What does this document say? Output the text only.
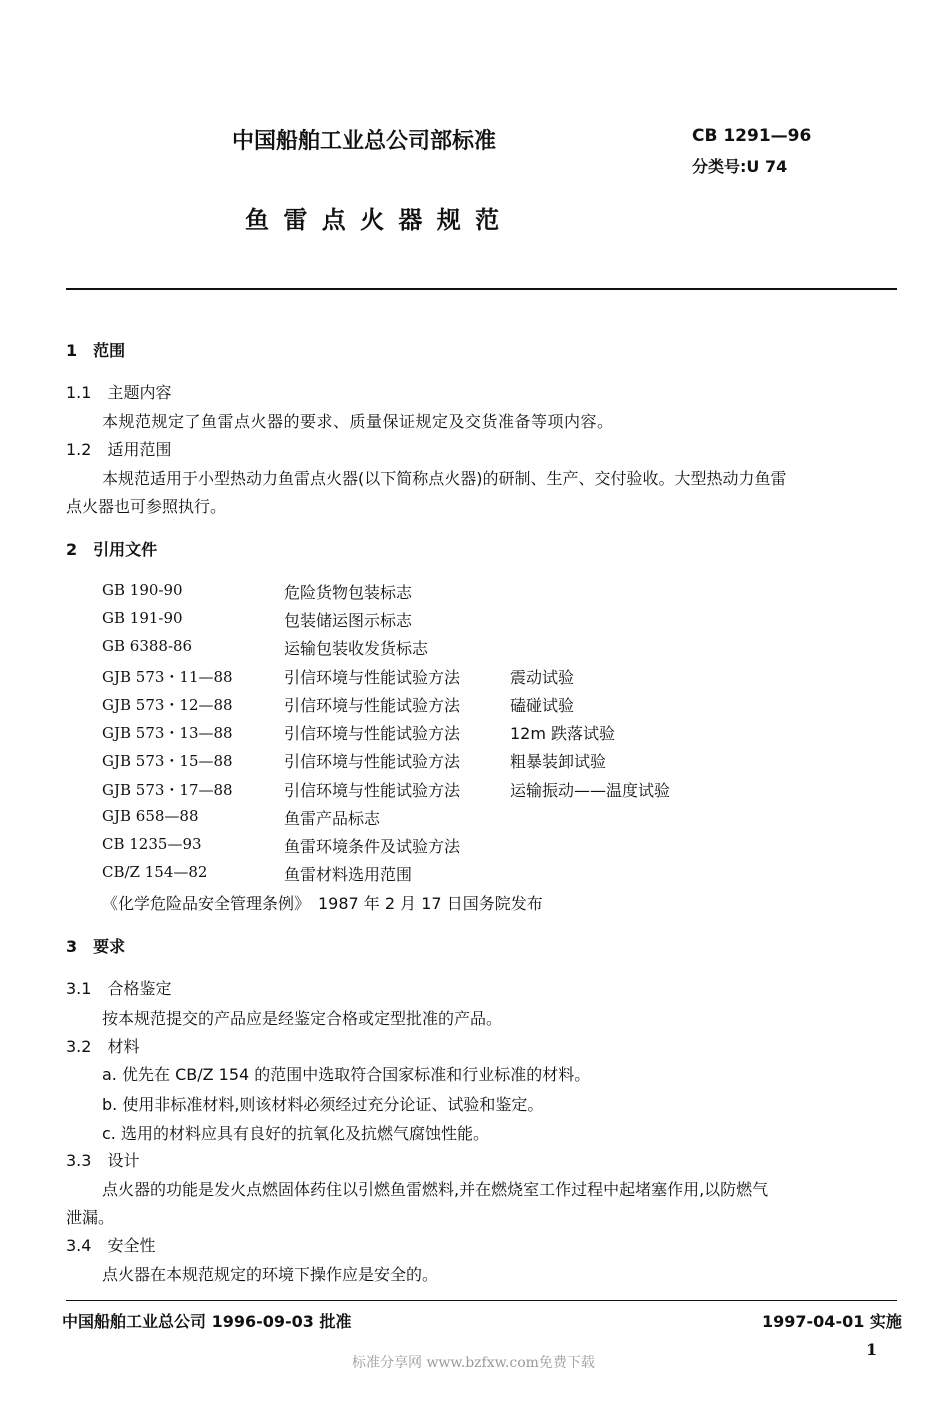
中国船舶工业总公司部标准	CB 1291—96
分类号:U 74
鱼 雷 点 火 器 规 范
1　范围
1.1　主题内容
本规范规定了鱼雷点火器的要求、质量保证规定及交货准备等项内容。
1.2　适用范围
本规范适用于小型热动力鱼雷点火器(以下简称点火器)的研制、生产、交付验收。大型热动力鱼雷
点火器也可参照执行。
2　引用文件
GB 190-90	危险货物包装标志
GB 191-90	包装储运图示标志
GB 6388-86	运输包装收发货标志
GJB 573・11—88	引信环境与性能试验方法	震动试验
GJB 573・12—88	引信环境与性能试验方法	磕碰试验
GJB 573・13—88	引信环境与性能试验方法	12m 跌落试验
GJB 573・15—88	引信环境与性能试验方法	粗暴装卸试验
GJB 573・17—88	引信环境与性能试验方法	运输振动——温度试验
GJB 658—88	鱼雷产品标志
CB 1235—93	鱼雷环境条件及试验方法
CB/Z 154—82	鱼雷材料选用范围
《化学危险品安全管理条例》　1987 年 2 月 17 日国务院发布
3　要求
3.1　合格鉴定
按本规范提交的产品应是经鉴定合格或定型批准的产品。
3.2　材料
a. 优先在 CB/Z 154 的范围中选取符合国家标准和行业标准的材料。
b. 使用非标准材料,则该材料必须经过充分论证、试验和鉴定。
c. 选用的材料应具有良好的抗氧化及抗燃气腐蚀性能。
3.3　设计
点火器的功能是发火点燃固体药住以引燃鱼雷燃料,并在燃烧室工作过程中起堵塞作用,以防燃气
泄漏。
3.4　安全性
点火器在本规范规定的环境下操作应是安全的。
中国船舶工业总公司 1996-09-03 批准	1997-04-01 实施
1
标准分享网 www.bzfxw.com免费下载
